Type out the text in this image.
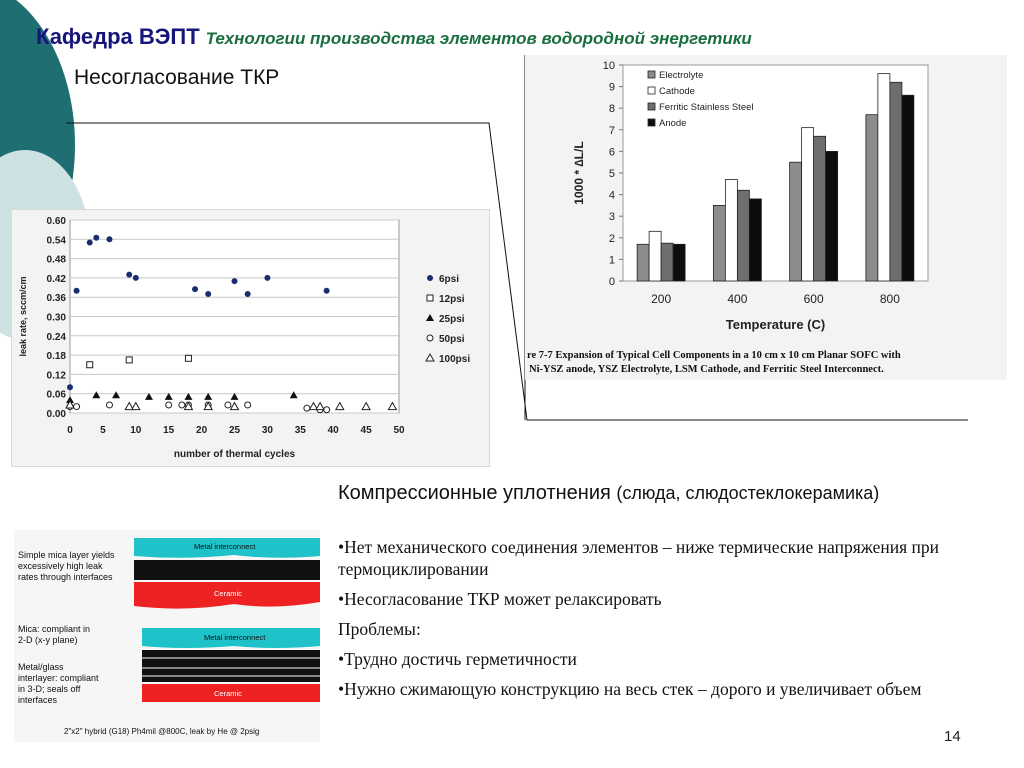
Кафедра ВЭПТ Технологии производства элементов водородной энергетики
Несогласование ТКР
0.00
0.06
0.12
0.18
0.24
0.30
0.36
0.42
0.48
0.54
0.60
0	5 10 15 20 25 30 35 40 45 50
number of thermal cycles
leak rate, sccm/cm	6psi
12psi
25psi
50psi
100psi
0
1
2
3
4
5
6
7
8
9
10
200	400	600	800
Temperature (C)
1000 * ∆L/L
Electrolyte
Cathode
Ferritic Stainless Steel
Anode
re 7-7 Expansion of Typical Cell Components in a 10 cm x 10 cm Planar SOFC with
Ni-YSZ anode, YSZ Electrolyte, LSM Cathode, and Ferritic Steel Interconnect.
Simple mica layer yields
excessively high leak
rates through interfaces
Mica: compliant in
2-D (x-y plane)
Metal/glass
interlayer: compliant
in 3-D; seals off
interfaces
Metal interconnect
Ceramic
Metal interconnect
Ceramic
2"x2" hybrid (G18) Ph4mil @800C, leak by He @ 2psig
Компрессионные уплотнения (слюда, слюдостеклокерамика)

•Нет механического соединения элементов – ниже термические напряжения при термоциклировании

•Несогласование ТКР может релаксировать

Проблемы:

•Трудно достичь герметичности

•Нужно сжимающую конструкцию на весь стек – дорого и увеличивает объем

14
